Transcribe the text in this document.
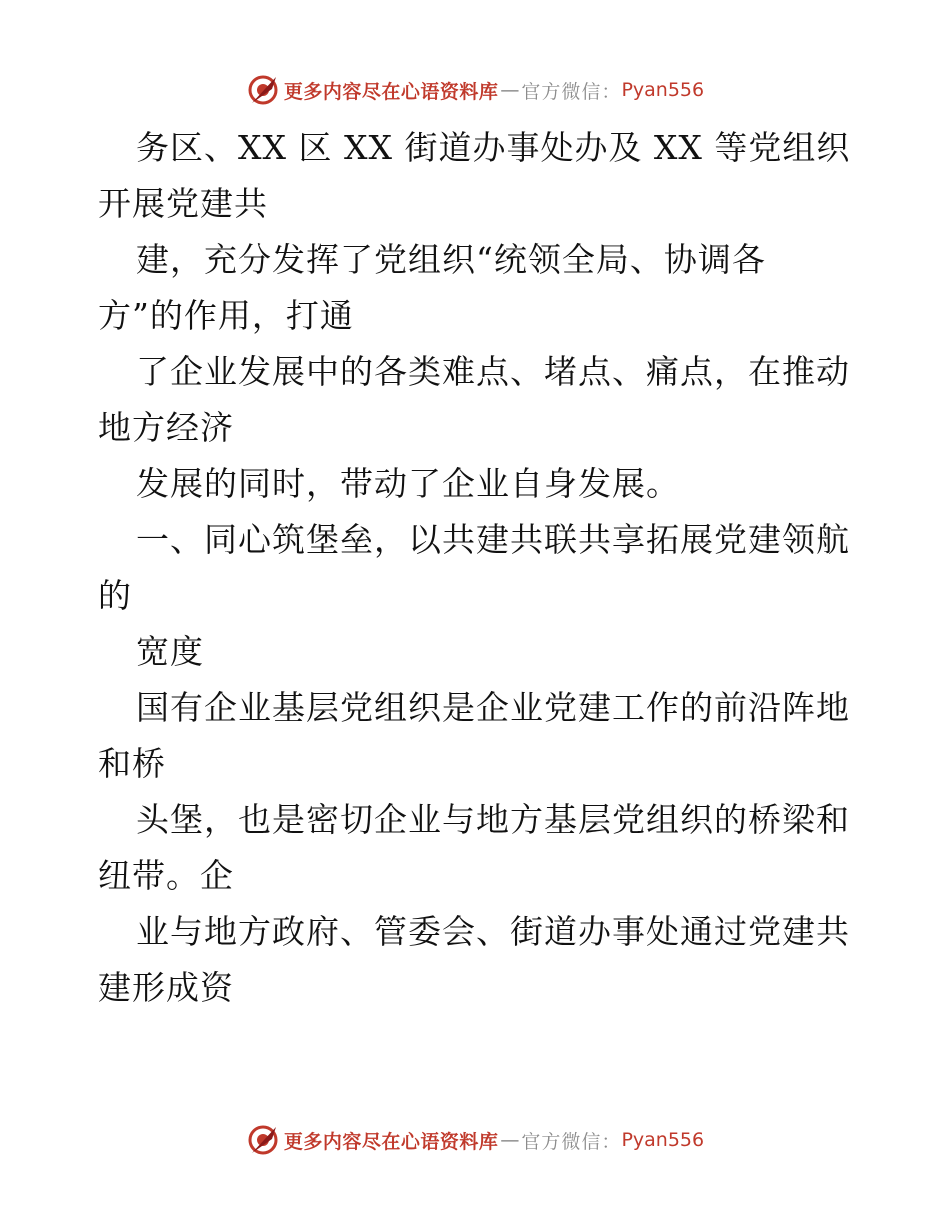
更多内容尽在心语资料库 — 官方微信： Pyan556
务区、XX 区 XX 街道办事处办及 XX 等党组织
开展党建共
建，充分发挥了党组织“统领全局、协调各
方”的作用，打通
了企业发展中的各类难点、堵点、痛点，在推动
地方经济
发展的同时，带动了企业自身发展。
一、同心筑堡垒，以共建共联共享拓展党建领航
的
宽度
国有企业基层党组织是企业党建工作的前沿阵地
和桥
头堡，也是密切企业与地方基层党组织的桥梁和
纽带。企
业与地方政府、管委会、街道办事处通过党建共
建形成资
更多内容尽在心语资料库 — 官方微信： Pyan556
